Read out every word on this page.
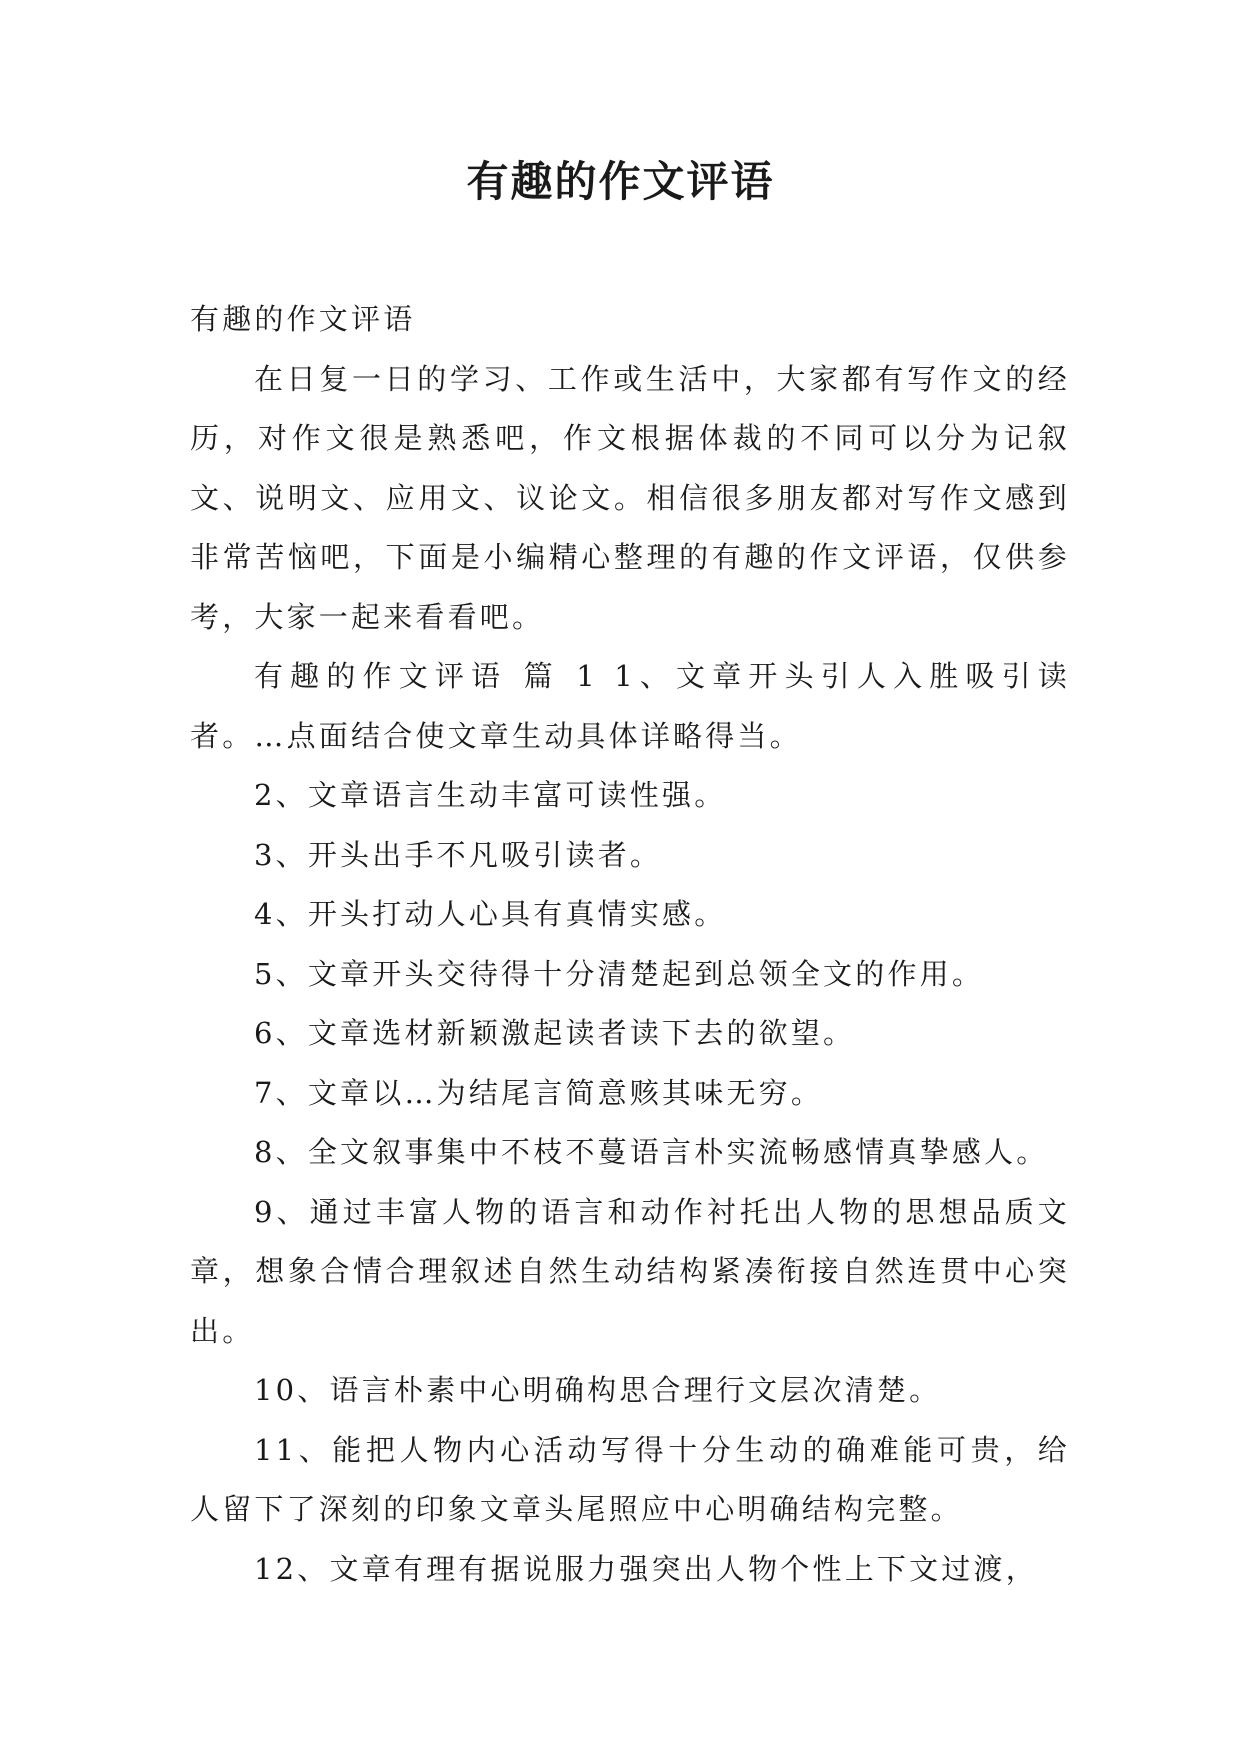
有趣的作文评语

有趣的作文评语

在日复一日的学习、工作或生活中，大家都有写作文的经历，对作文很是熟悉吧，作文根据体裁的不同可以分为记叙文、说明文、应用文、议论文。相信很多朋友都对写作文感到非常苦恼吧，下面是小编精心整理的有趣的作文评语，仅供参考，大家一起来看看吧。

有趣的作文评语 篇 1 1、文章开头引人入胜吸引读者。…点面结合使文章生动具体详略得当。

2、文章语言生动丰富可读性强。

3、开头出手不凡吸引读者。

4、开头打动人心具有真情实感。

5、文章开头交待得十分清楚起到总领全文的作用。

6、文章选材新颖激起读者读下去的欲望。

7、文章以…为结尾言简意赅其味无穷。

8、全文叙事集中不枝不蔓语言朴实流畅感情真挚感人。

9、通过丰富人物的语言和动作衬托出人物的思想品质文章，想象合情合理叙述自然生动结构紧凑衔接自然连贯中心突出。

10、语言朴素中心明确构思合理行文层次清楚。

11、能把人物内心活动写得十分生动的确难能可贵，给人留下了深刻的印象文章头尾照应中心明确结构完整。

12、文章有理有据说服力强突出人物个性上下文过渡，
